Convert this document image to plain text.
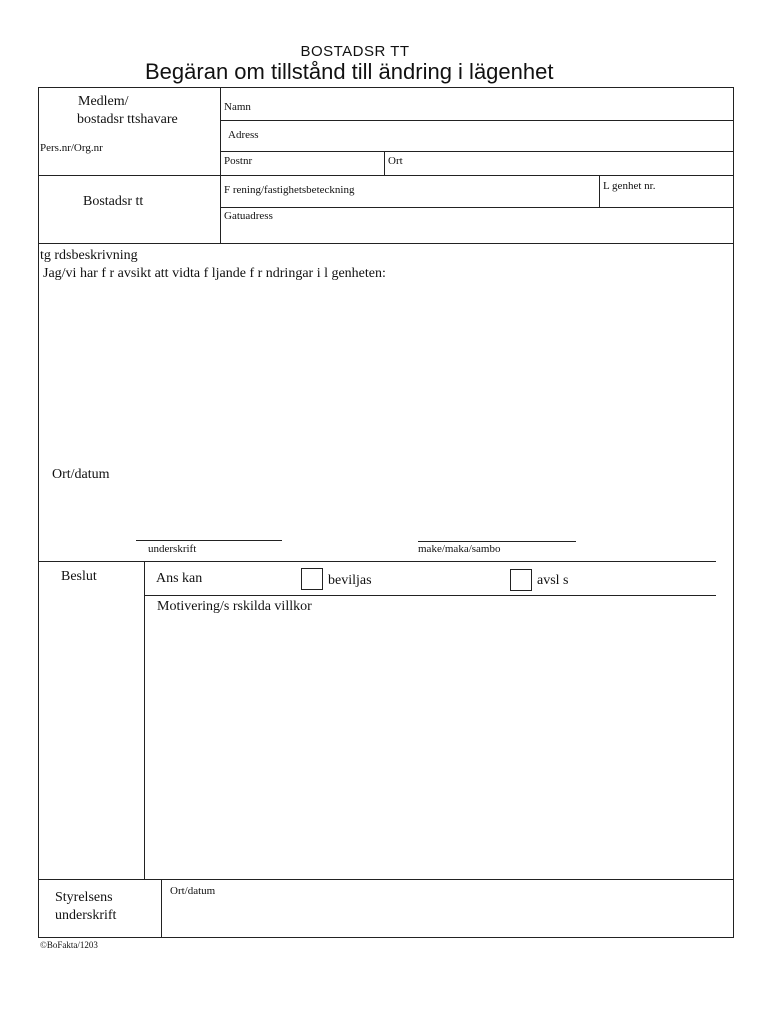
BOSTADSR TT
Begäran om tillstånd till ändring i lägenhet
Medlem/
bostadsr ttshavare
Pers.nr/Org.nr
Namn
Adress
Postnr	Ort
Bostadsr tt
F rening/fastighetsbeteckning	L genhet nr.
Gatuadress
tg rdsbeskrivning
Jag/vi har f r avsikt att vidta f ljande f r ndringar i l genheten:
Ort/datum
underskrift	make/maka/sambo
Beslut	Ans kan	beviljas	avsl s
Motivering/s rskilda villkor
Styrelsens
underskrift
Ort/datum
©BoFakta/1203
